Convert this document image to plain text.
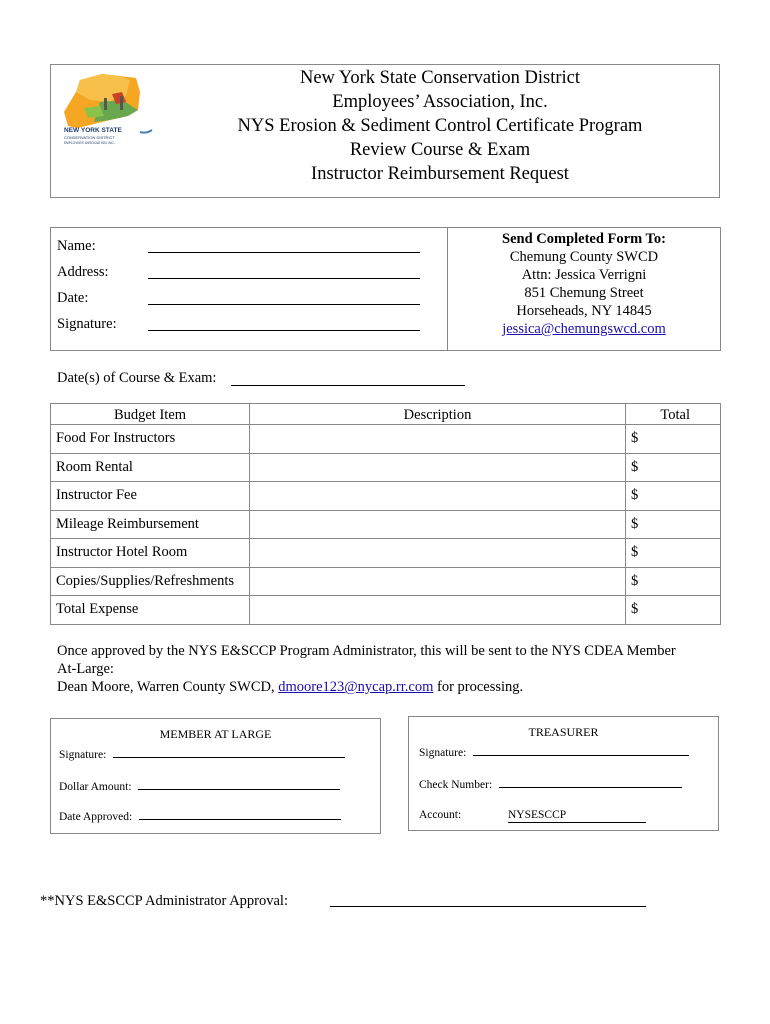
NEW YORK STATE
CONSERVATION DISTRICT
EMPLOYEES' ASSOCIATION, INC.
New York State Conservation District
Employees’ Association, Inc.
NYS Erosion & Sediment Control Certificate Program
Review Course & Exam
Instructor Reimbursement Request
Name:
Address:
Date:
Signature:
Send Completed Form To:
Chemung County SWCD
Attn: Jessica Verrigni
851 Chemung Street
Horseheads, NY 14845
jessica@chemungswcd.com
Date(s) of Course & Exam:
Budget Item	Description	Total
Food For Instructors		$
Room Rental		$
Instructor Fee		$
Mileage Reimbursement		$
Instructor Hotel Room		$
Copies/Supplies/Refreshments		$
Total Expense		$
Once approved by the NYS E&SCCP Program Administrator, this will be sent to the NYS CDEA Member
At-Large:
Dean Moore, Warren County SWCD, dmoore123@nycap.rr.com for processing.
MEMBER AT LARGE
Signature:
Dollar Amount:
Date Approved:
TREASURER
Signature:
Check Number:
Account:	NYSESCCP
**NYS E&SCCP Administrator Approval:
